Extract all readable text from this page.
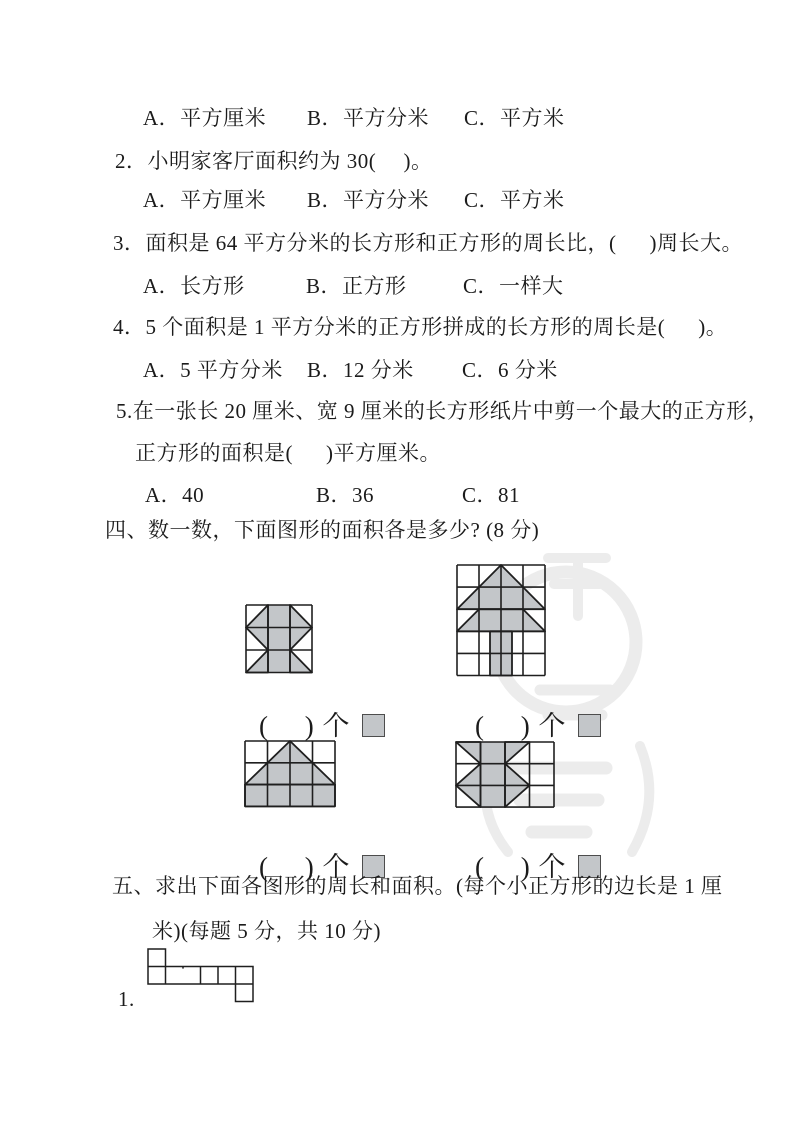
A．平方厘米 B．平方分米 C．平方米
2．小明家客厅面积约为 30(　 )。
A．平方厘米 B．平方分米 C．平方米
3．面积是 64 平方分米的长方形和正方形的周长比，(　  )周长大。
A．长方形	B．正方形	C．一样大
4．5 个面积是 1 平方分米的正方形拼成的长方形的周长是(　  )。
A．5 平方分米 B．12 分米 C．6 分米
5.在一张长 20 厘米、宽 9 厘米的长方形纸片中剪一个最大的正方形，
正方形的面积是(　  )平方厘米。
A．40	B．36	C．81
四、数一数，下面图形的面积各是多少? (8 分)

(　 ) 个
	(　 ) 个

(　 ) 个
	(　 ) 个

五、求出下面各图形的周长和面积。(每个小正方形的边长是 1 厘
米)(每题 5 分，共 10 分)
1.
